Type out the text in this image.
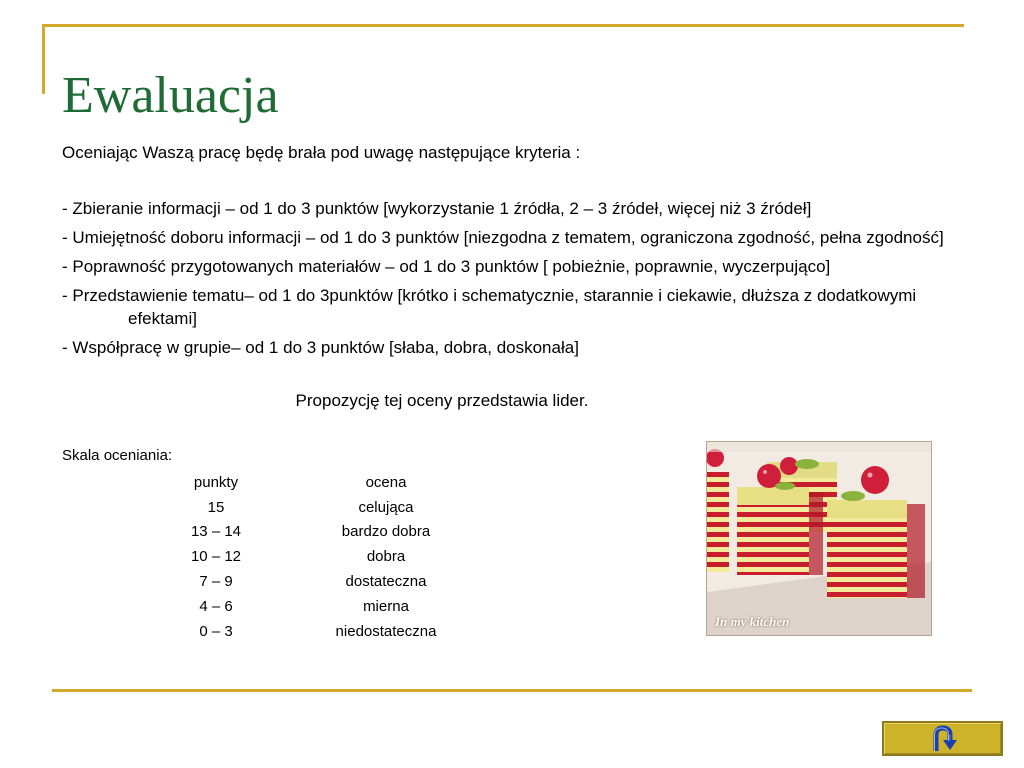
Ewaluacja
Oceniając Waszą pracę będę brała pod uwagę następujące kryteria :
- Zbieranie informacji – od 1 do 3 punktów [wykorzystanie 1 źródła, 2 – 3 źródeł, więcej niż 3 źródeł]
- Umiejętność doboru informacji – od 1 do 3 punktów [niezgodna z tematem, ograniczona zgodność, pełna zgodność]
- Poprawność przygotowanych materiałów – od 1 do 3 punktów [ pobieżnie, poprawnie, wyczerpująco]
- Przedstawienie tematu– od 1 do 3punktów [krótko i schematycznie, starannie i ciekawie, dłuższa z dodatkowymi efektami]
- Współpracę w grupie– od 1 do 3 punktów [słaba, dobra, doskonała]
Propozycję tej oceny przedstawia lider.
Skala oceniania:
punkty	ocena
15	celująca
13 – 14	bardzo dobra
10 – 12	dobra
7 – 9	dostateczna
4 – 6	mierna
0 – 3	niedostateczna
In my kitchen
